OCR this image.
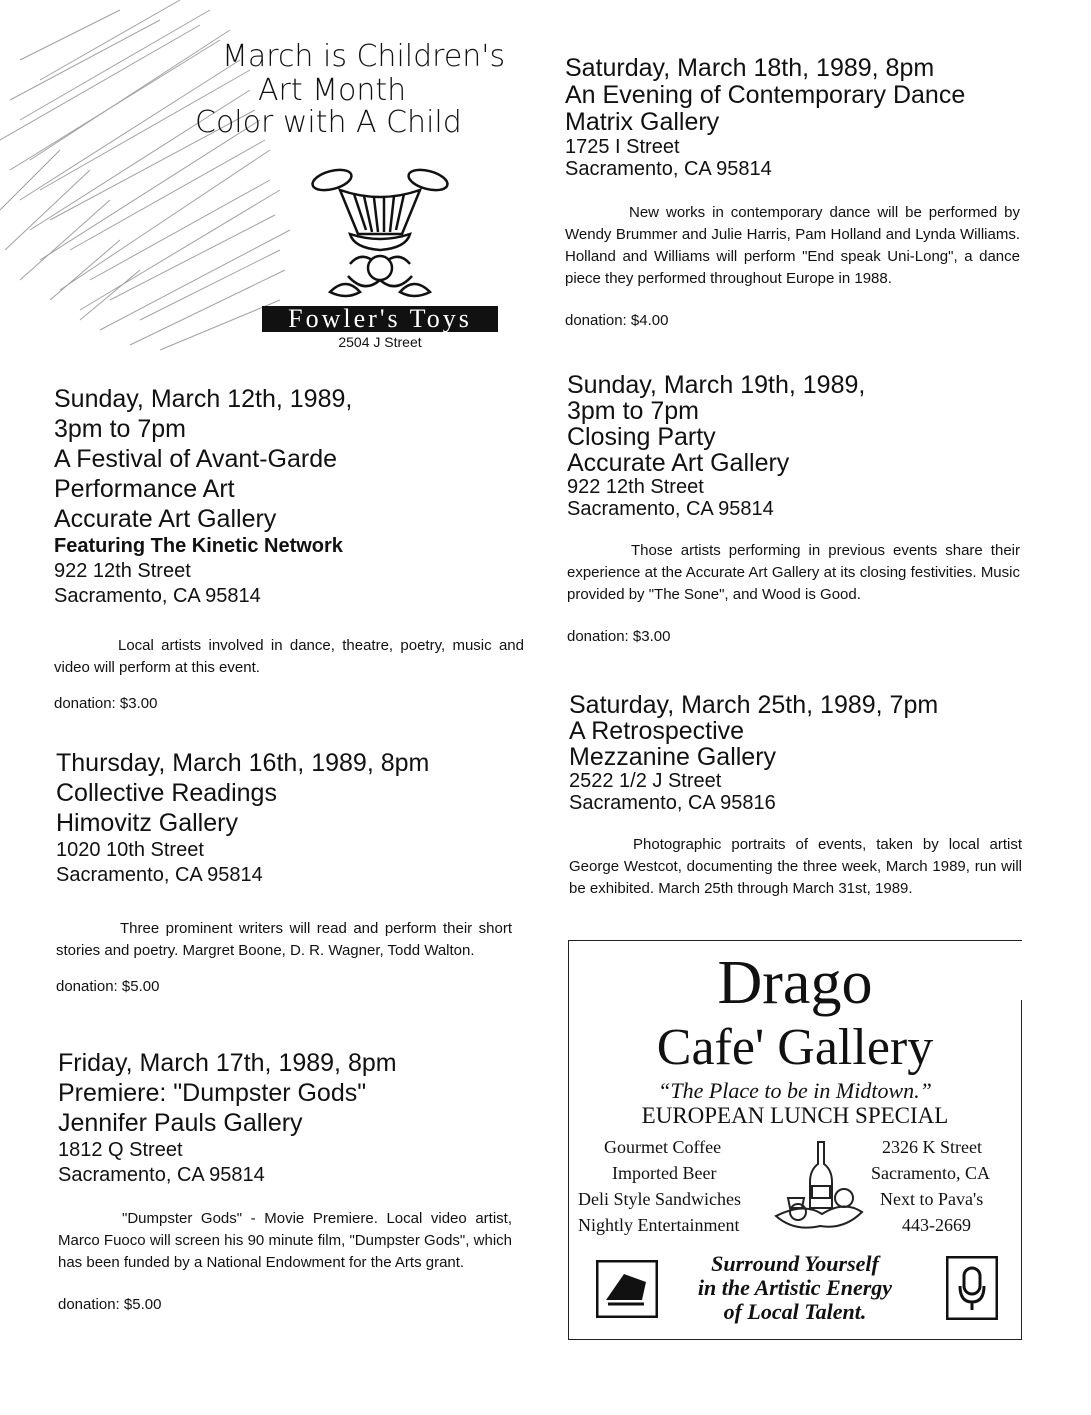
March is Children's
Art Month
Color with A Child
Fowler's Toys
2504 J Street
Sunday, March 12th, 1989,
3pm to 7pm
A Festival of Avant-Garde
Performance Art
Accurate Art Gallery
Featuring The Kinetic Network
922 12th Street
Sacramento, CA 95814
Local artists involved in dance, theatre, poetry, music and video will perform at this event.
donation: $3.00
Thursday, March 16th, 1989, 8pm
Collective Readings
Himovitz Gallery
1020 10th Street
Sacramento, CA 95814
Three prominent writers will read and perform their short stories and poetry. Margret Boone, D. R. Wagner, Todd Walton.
donation: $5.00
Friday, March 17th, 1989, 8pm
Premiere: "Dumpster Gods"
Jennifer Pauls Gallery
1812 Q Street
Sacramento, CA 95814
"Dumpster Gods" - Movie Premiere. Local video artist, Marco Fuoco will screen his 90 minute film, "Dumpster Gods", which has been funded by a National Endowment for the Arts grant.
donation: $5.00
Saturday, March 18th, 1989, 8pm
An Evening of Contemporary Dance
Matrix Gallery
1725 I Street
Sacramento, CA 95814
New works in contemporary dance will be performed by Wendy Brummer and Julie Harris, Pam Holland and Lynda Williams. Holland and Williams will perform "End speak Uni-Long", a dance piece they performed throughout Europe in 1988.
donation: $4.00
Sunday, March 19th, 1989,
3pm to 7pm
Closing Party
Accurate Art Gallery
922 12th Street
Sacramento, CA 95814
Those artists performing in previous events share their experience at the Accurate Art Gallery at its closing festivities. Music provided by "The Sone", and Wood is Good.
donation: $3.00
Saturday, March 25th, 1989, 7pm
A Retrospective
Mezzanine Gallery
2522 1/2 J Street
Sacramento, CA 95816
Photographic portraits of events, taken by local artist George Westcot, documenting the three week, March 1989, run will be exhibited. March 25th through March 31st, 1989.
Drago
Cafe' Gallery
“The Place to be in Midtown.”
EUROPEAN LUNCH SPECIAL
Gourmet Coffee
Imported Beer
Deli Style Sandwiches
Nightly Entertainment
2326 K Street
Sacramento, CA
Next to Pava's
443-2669
Surround Yourself
in the Artistic Energy
of Local Talent.
